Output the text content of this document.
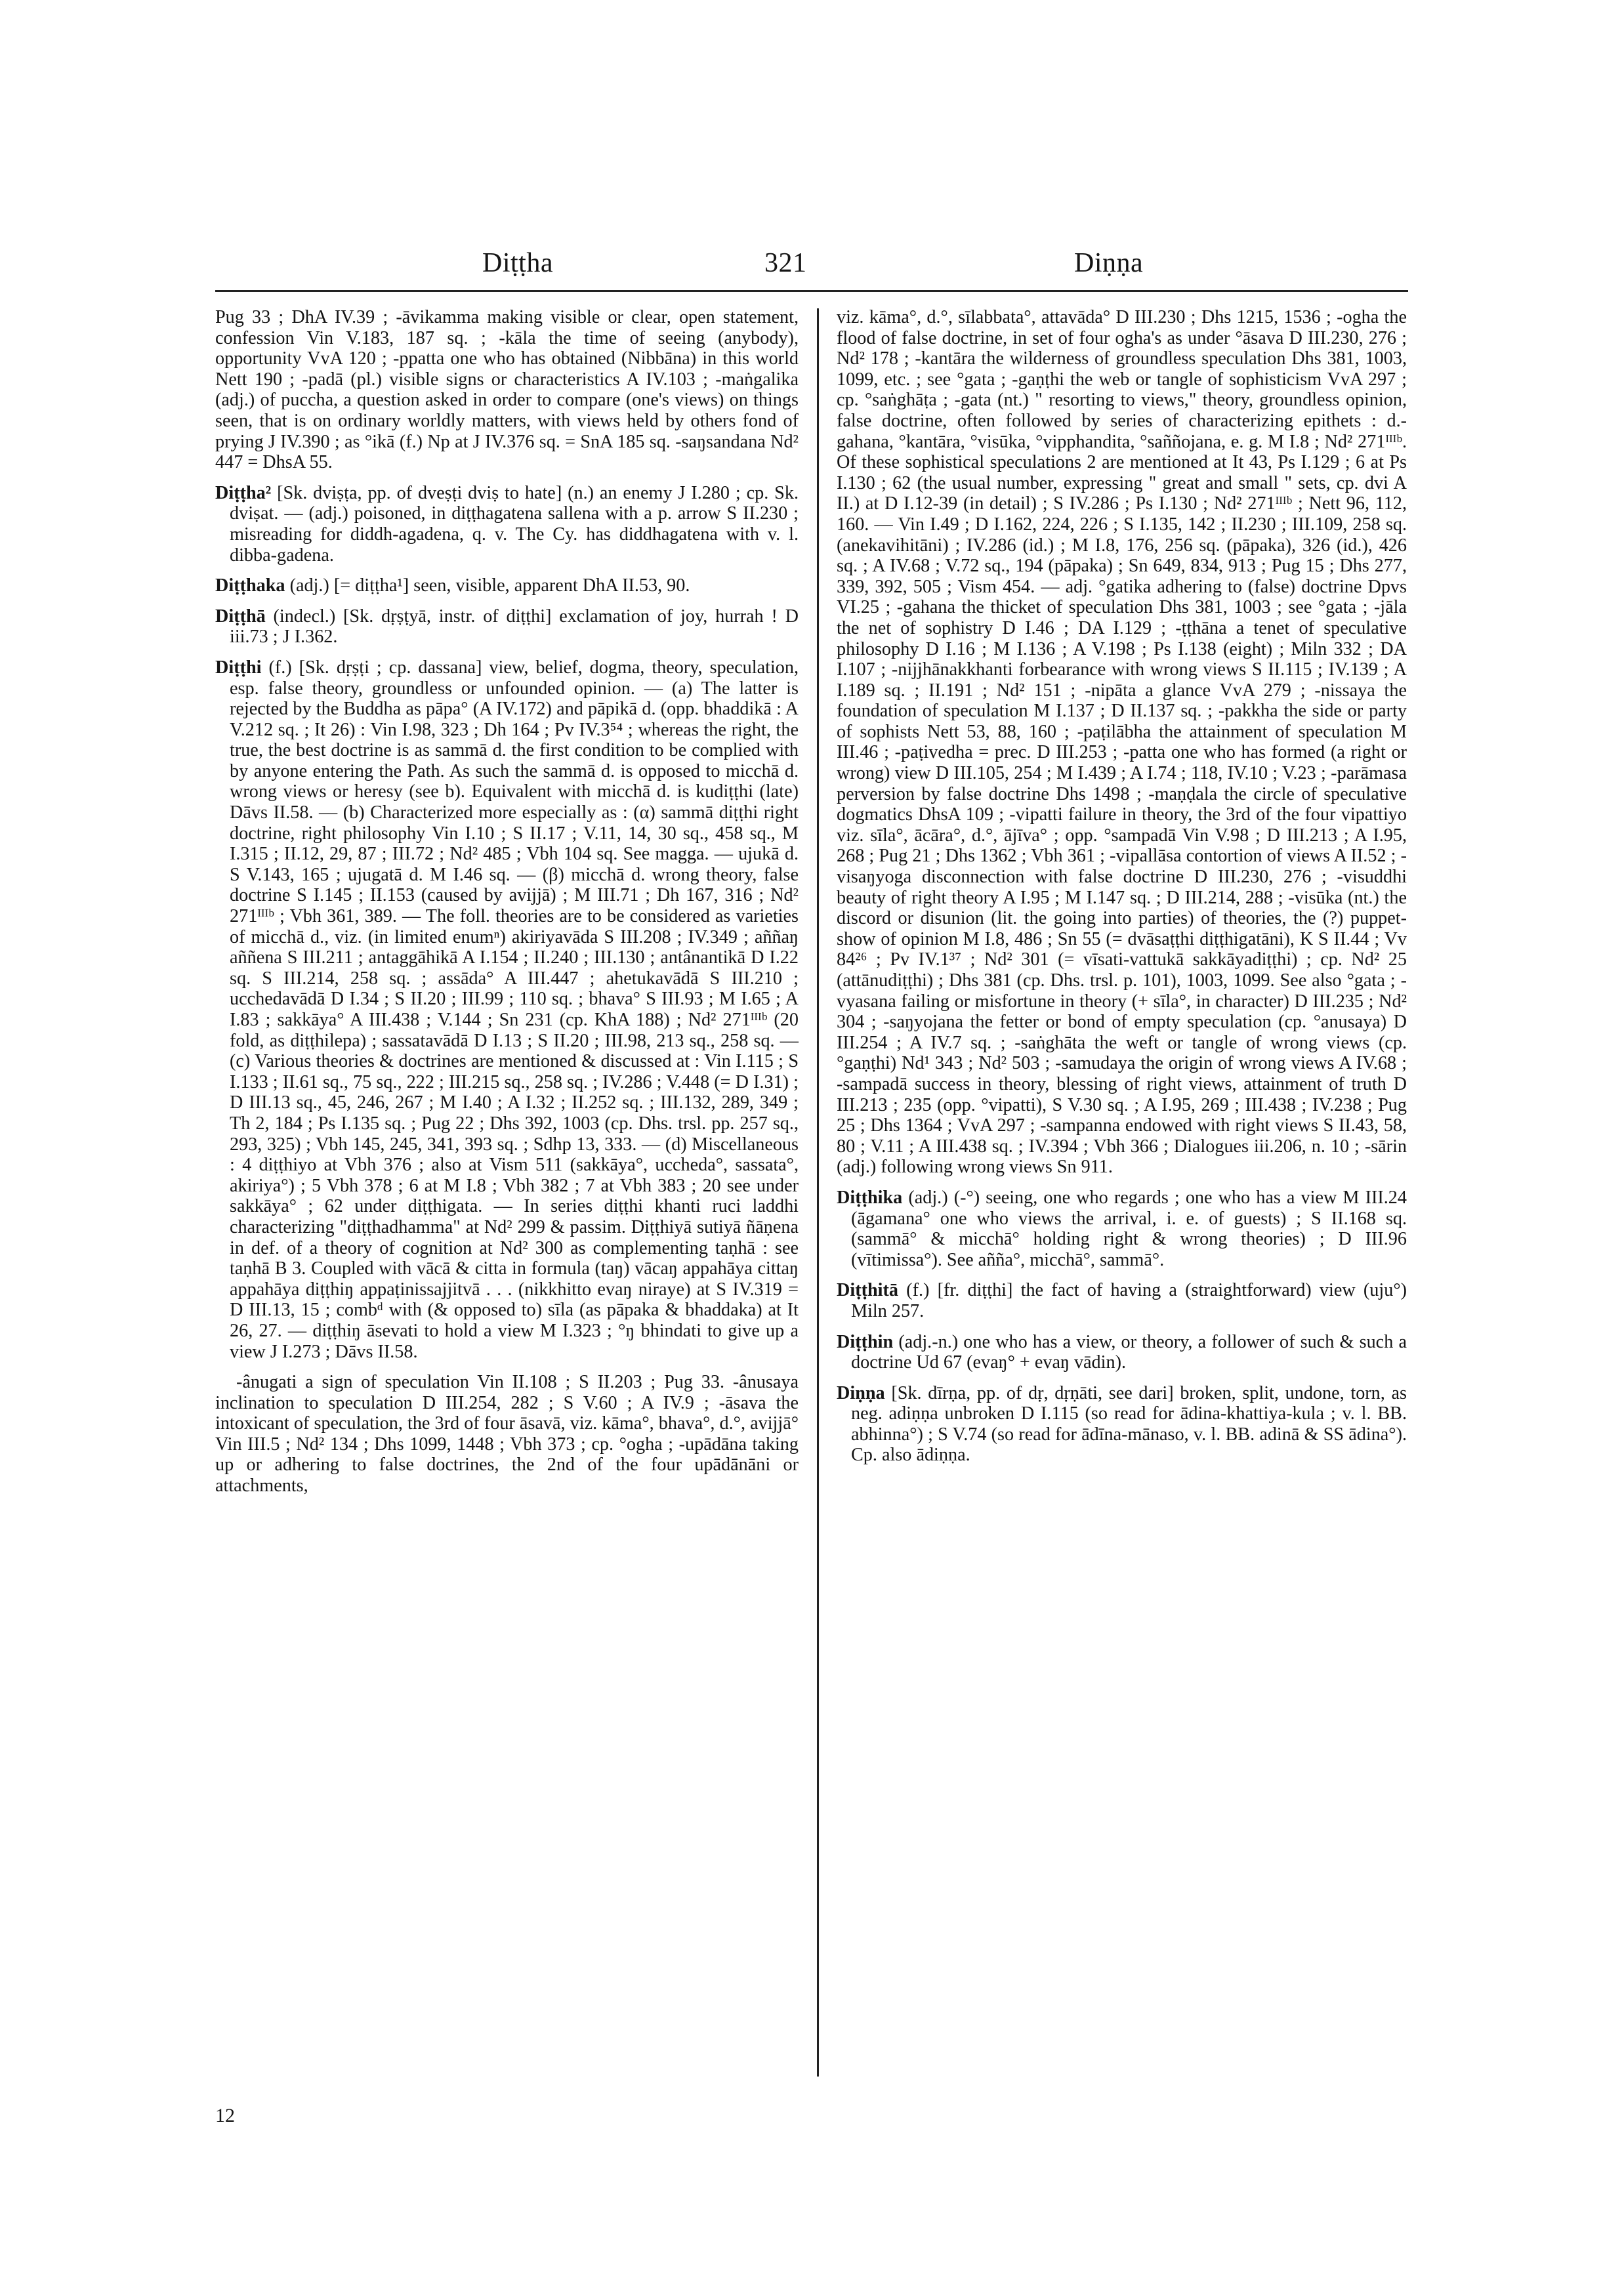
Diṭṭha	321	Diṇṇa

Pug 33 ; DhA IV.39 ; -āvikamma making visible or clear, open statement, confession Vin V.183, 187 sq. ; -kāla the time of seeing (anybody), opportunity VvA 120 ; -ppatta one who has obtained (Nibbāna) in this world Nett 190 ; -padā (pl.) visible signs or characteristics A IV.103 ; -maṅgalika (adj.) of puccha, a question asked in order to compare (one's views) on things seen, that is on ordinary worldly matters, with views held by others fond of prying J IV.390 ; as °ikā (f.) Np at J IV.376 sq. = SnA 185 sq. -saŋsandana Nd² 447 = DhsA 55.

Diṭṭha² [Sk. dviṣṭa, pp. of dveṣṭi dviṣ to hate] (n.) an enemy J I.280 ; cp. Sk. dviṣat. — (adj.) poisoned, in diṭṭhagatena sallena with a p. arrow S II.230 ; misreading for diddh-agadena, q. v. The Cy. has diddhagatena with v. l. dibba-gadena.

Diṭṭhaka (adj.) [= diṭṭha¹] seen, visible, apparent DhA II.53, 90.

Diṭṭhā (indecl.) [Sk. dṛṣṭyā, instr. of diṭṭhi] exclamation of joy, hurrah ! D iii.73 ; J I.362.

Diṭṭhi (f.) [Sk. dṛṣṭi ; cp. dassana] view, belief, dogma, theory, speculation, esp. false theory, groundless or unfounded opinion. — (a) The latter is rejected by the Buddha as pāpa° (A IV.172) and pāpikā d. (opp. bhaddikā : A V.212 sq. ; It 26) : Vin I.98, 323 ; Dh 164 ; Pv IV.3⁵⁴ ; whereas the right, the true, the best doctrine is as sammā d. the first condition to be complied with by anyone entering the Path. As such the sammā d. is opposed to micchā d. wrong views or heresy (see b). Equivalent with micchā d. is kudiṭṭhi (late) Dāvs II.58. — (b) Characterized more especially as : (α) sammā diṭṭhi right doctrine, right philosophy Vin I.10 ; S II.17 ; V.11, 14, 30 sq., 458 sq., M I.315 ; II.12, 29, 87 ; III.72 ; Nd² 485 ; Vbh 104 sq. See magga. — ujukā d. S V.143, 165 ; ujugatā d. M I.46 sq. — (β) micchā d. wrong theory, false doctrine S I.145 ; II.153 (caused by avijjā) ; M III.71 ; Dh 167, 316 ; Nd² 271ᴵᴵᴵᵇ ; Vbh 361, 389. — The foll. theories are to be considered as varieties of micchā d., viz. (in limited enumⁿ) akiriyavāda S III.208 ; IV.349 ; aññaŋ aññena S III.211 ; antaggāhikā A I.154 ; II.240 ; III.130 ; antânantikā D I.22 sq. S III.214, 258 sq. ; assāda° A III.447 ; ahetukavādā S III.210 ; ucchedavādā D I.34 ; S II.20 ; III.99 ; 110 sq. ; bhava° S III.93 ; M I.65 ; A I.83 ; sakkāya° A III.438 ; V.144 ; Sn 231 (cp. KhA 188) ; Nd² 271ᴵᴵᴵᵇ (20 fold, as diṭṭhilepa) ; sassatavādā D I.13 ; S II.20 ; III.98, 213 sq., 258 sq. — (c) Various theories & doctrines are mentioned & discussed at : Vin I.115 ; S I.133 ; II.61 sq., 75 sq., 222 ; III.215 sq., 258 sq. ; IV.286 ; V.448 (= D I.31) ; D III.13 sq., 45, 246, 267 ; M I.40 ; A I.32 ; II.252 sq. ; III.132, 289, 349 ; Th 2, 184 ; Ps I.135 sq. ; Pug 22 ; Dhs 392, 1003 (cp. Dhs. trsl. pp. 257 sq., 293, 325) ; Vbh 145, 245, 341, 393 sq. ; Sdhp 13, 333. — (d) Miscellaneous : 4 diṭṭhiyo at Vbh 376 ; also at Vism 511 (sakkāya°, uccheda°, sassata°, akiriya°) ; 5 Vbh 378 ; 6 at M I.8 ; Vbh 382 ; 7 at Vbh 383 ; 20 see under sakkāya° ; 62 under diṭṭhigata. — In series diṭṭhi khanti ruci laddhi characterizing "diṭṭhadhamma" at Nd² 299 & passim. Diṭṭhiyā sutiyā ñāṇena in def. of a theory of cognition at Nd² 300 as complementing taṇhā : see taṇhā B 3. Coupled with vācā & citta in formula (taŋ) vācaŋ appahāya cittaŋ appahāya diṭṭhiŋ appaṭinissajjitvā . . . (nikkhitto evaŋ niraye) at S IV.319 = D III.13, 15 ; combᵈ with (& opposed to) sīla (as pāpaka & bhaddaka) at It 26, 27. — diṭṭhiŋ āsevati to hold a view M I.323 ; °ŋ bhindati to give up a view J I.273 ; Dāvs II.58.

-ânugati a sign of speculation Vin II.108 ; S II.203 ; Pug 33. -ânusaya inclination to speculation D III.254, 282 ; S V.60 ; A IV.9 ; -āsava the intoxicant of speculation, the 3rd of four āsavā, viz. kāma°, bhava°, d.°, avijjā° Vin III.5 ; Nd² 134 ; Dhs 1099, 1448 ; Vbh 373 ; cp. °ogha ; -upādāna taking up or adhering to false doctrines, the 2nd of the four upādānāni or attachments,

viz. kāma°, d.°, sīlabbata°, attavāda° D III.230 ; Dhs 1215, 1536 ; -ogha the flood of false doctrine, in set of four ogha's as under °āsava D III.230, 276 ; Nd² 178 ; -kantāra the wilderness of groundless speculation Dhs 381, 1003, 1099, etc. ; see °gata ; -gaṇṭhi the web or tangle of sophisticism VvA 297 ; cp. °saṅghāṭa ; -gata (nt.) " resorting to views," theory, groundless opinion, false doctrine, often followed by series of characterizing epithets : d.-gahana, °kantāra, °visūka, °vipphandita, °saññojana, e. g. M I.8 ; Nd² 271ᴵᴵᴵᵇ. Of these sophistical speculations 2 are mentioned at It 43, Ps I.129 ; 6 at Ps I.130 ; 62 (the usual number, expressing " great and small " sets, cp. dvi A II.) at D I.12-39 (in detail) ; S IV.286 ; Ps I.130 ; Nd² 271ᴵᴵᴵᵇ ; Nett 96, 112, 160. — Vin I.49 ; D I.162, 224, 226 ; S I.135, 142 ; II.230 ; III.109, 258 sq. (anekavihitāni) ; IV.286 (id.) ; M I.8, 176, 256 sq. (pāpaka), 326 (id.), 426 sq. ; A IV.68 ; V.72 sq., 194 (pāpaka) ; Sn 649, 834, 913 ; Pug 15 ; Dhs 277, 339, 392, 505 ; Vism 454. — adj. °gatika adhering to (false) doctrine Dpvs VI.25 ; -gahana the thicket of speculation Dhs 381, 1003 ; see °gata ; -jāla the net of sophistry D I.46 ; DA I.129 ; -ṭṭhāna a tenet of speculative philosophy D I.16 ; M I.136 ; A V.198 ; Ps I.138 (eight) ; Miln 332 ; DA I.107 ; -nijjhānakkhanti forbearance with wrong views S II.115 ; IV.139 ; A I.189 sq. ; II.191 ; Nd² 151 ; -nipāta a glance VvA 279 ; -nissaya the foundation of speculation M I.137 ; D II.137 sq. ; -pakkha the side or party of sophists Nett 53, 88, 160 ; -paṭilābha the attainment of speculation M III.46 ; -paṭivedha = prec. D III.253 ; -patta one who has formed (a right or wrong) view D III.105, 254 ; M I.439 ; A I.74 ; 118, IV.10 ; V.23 ; -parāmasa perversion by false doctrine Dhs 1498 ; -maṇḍala the circle of speculative dogmatics DhsA 109 ; -vipatti failure in theory, the 3rd of the four vipattiyo viz. sīla°, ācāra°, d.°, ājīva° ; opp. °sampadā Vin V.98 ; D III.213 ; A I.95, 268 ; Pug 21 ; Dhs 1362 ; Vbh 361 ; -vipallāsa contortion of views A II.52 ; -visaŋyoga disconnection with false doctrine D III.230, 276 ; -visuddhi beauty of right theory A I.95 ; M I.147 sq. ; D III.214, 288 ; -visūka (nt.) the discord or disunion (lit. the going into parties) of theories, the (?) puppet-show of opinion M I.8, 486 ; Sn 55 (= dvāsaṭṭhi diṭṭhigatāni), K S II.44 ; Vv 84²⁶ ; Pv IV.1³⁷ ; Nd² 301 (= vīsati-vattukā sakkāyadiṭṭhi) ; cp. Nd² 25 (attānudiṭṭhi) ; Dhs 381 (cp. Dhs. trsl. p. 101), 1003, 1099. See also °gata ; -vyasana failing or misfortune in theory (+ sīla°, in character) D III.235 ; Nd² 304 ; -saŋyojana the fetter or bond of empty speculation (cp. °anusaya) D III.254 ; A IV.7 sq. ; -saṅghāta the weft or tangle of wrong views (cp. °gaṇṭhi) Nd¹ 343 ; Nd² 503 ; -samudaya the origin of wrong views A IV.68 ; -sampadā success in theory, blessing of right views, attainment of truth D III.213 ; 235 (opp. °vipatti), S V.30 sq. ; A I.95, 269 ; III.438 ; IV.238 ; Pug 25 ; Dhs 1364 ; VvA 297 ; -sampanna endowed with right views S II.43, 58, 80 ; V.11 ; A III.438 sq. ; IV.394 ; Vbh 366 ; Dialogues iii.206, n. 10 ; -sārin (adj.) following wrong views Sn 911.

Diṭṭhika (adj.) (-°) seeing, one who regards ; one who has a view M III.24 (āgamana° one who views the arrival, i. e. of guests) ; S II.168 sq. (sammā° & micchā° holding right & wrong theories) ; D III.96 (vītimissa°). See añña°, micchā°, sammā°.

Diṭṭhitā (f.) [fr. diṭṭhi] the fact of having a (straightforward) view (uju°) Miln 257.

Diṭṭhin (adj.-n.) one who has a view, or theory, a follower of such & such a doctrine Ud 67 (evaŋ° + evaŋ vādin).

Diṇṇa [Sk. dīrṇa, pp. of dṛ, dṛṇāti, see dari] broken, split, undone, torn, as neg. adiṇṇa unbroken D I.115 (so read for ādina-khattiya-kula ; v. l. BB. abhinna°) ; S V.74 (so read for ādīna-mānaso, v. l. BB. adinā & SS ādina°). Cp. also ādiṇṇa.

12
